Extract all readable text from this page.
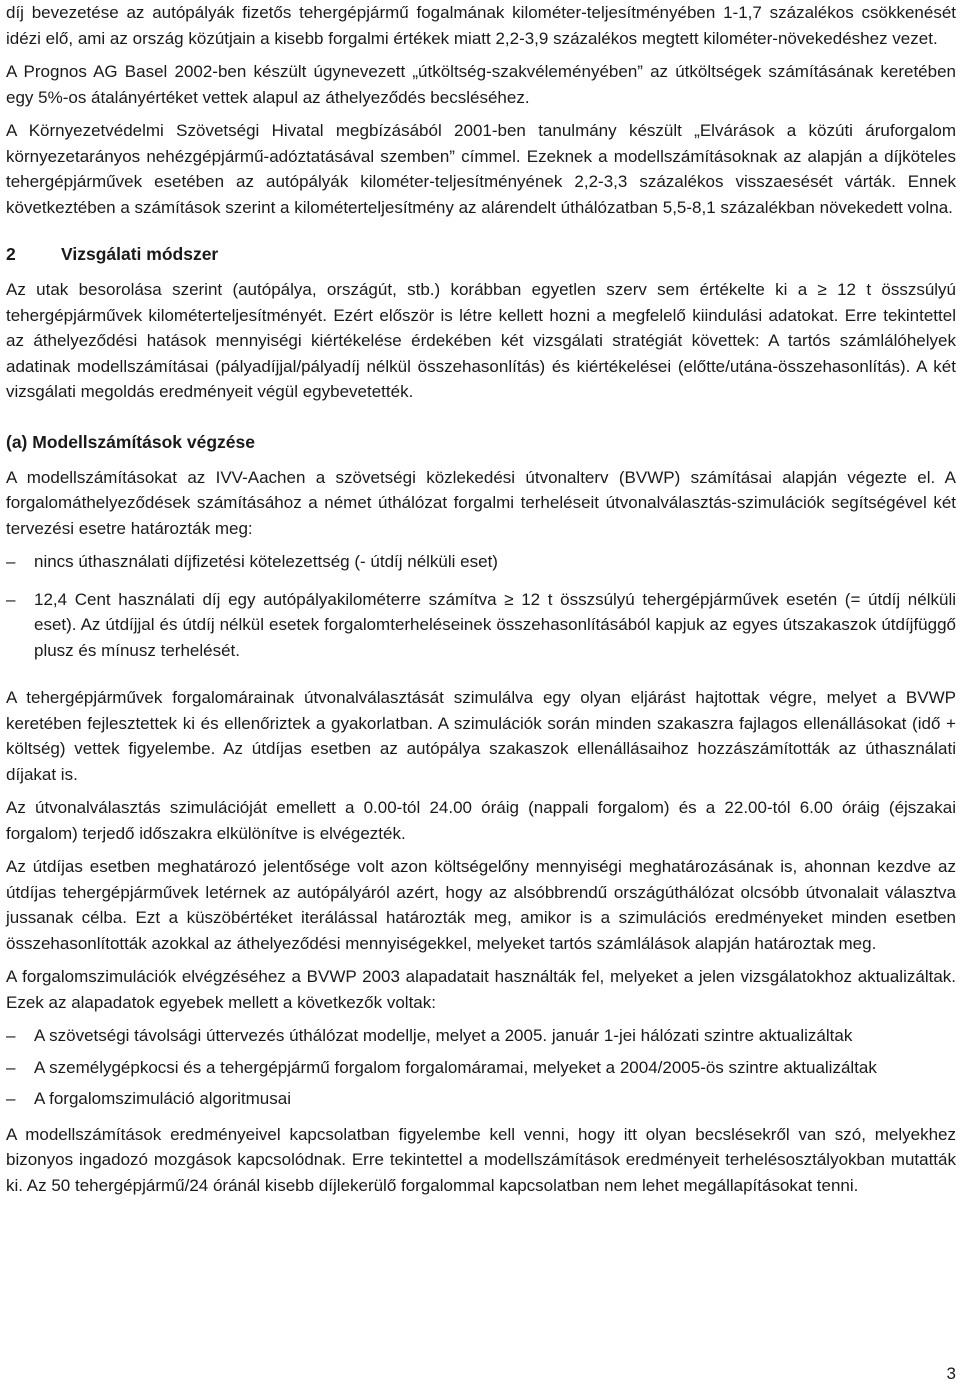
díj bevezetése az autópályák fizetős tehergépjármű fogalmának kilométer-teljesítményében 1-1,7 százalékos csökkenését idézi elő, ami az ország közútjain a kisebb forgalmi értékek miatt 2,2-3,9 százalékos megtett kilométer-növekedéshez vezet.

A Prognos AG Basel 2002-ben készült úgynevezett „útköltség-szakvéleményében” az útköltségek számításának keretében egy 5%-os átalányértéket vettek alapul az áthelyeződés becsléséhez.

A Környezetvédelmi Szövetségi Hivatal megbízásából 2001-ben tanulmány készült „Elvárások a közúti áruforgalom környezetarányos nehézgépjármű-adóztatásával szemben” címmel. Ezeknek a modellszámításoknak az alapján a díjköteles tehergépjárművek esetében az autópályák kilométer-teljesítményének 2,2-3,3 százalékos visszaesését várták. Ennek következtében a számítások szerint a kilométerteljesítmény az alárendelt úthálózatban 5,5-8,1 százalékban növekedett volna.

2	Vizsgálati módszer

Az utak besorolása szerint (autópálya, országút, stb.) korábban egyetlen szerv sem értékelte ki a ≥ 12 t összsúlyú tehergépjárművek kilométerteljesítményét. Ezért először is létre kellett hozni a megfelelő kiindulási adatokat. Erre tekintettel az áthelyeződési hatások mennyiségi kiértékelése érdekében két vizsgálati stratégiát követtek: A tartós számlálóhelyek adatinak modellszámításai (pályadíjjal/pályadíj nélkül összehasonlítás) és kiértékelései (előtte/utána-összehasonlítás). A két vizsgálati megoldás eredményeit végül egybevetették.

(a) Modellszámítások végzése

A modellszámításokat az IVV-Aachen a szövetségi közlekedési útvonalterv (BVWP) számításai alapján végezte el. A forgalomáthelyeződések számításához a német úthálózat forgalmi terheléseit útvonalválasztás-szimulációk segítségével két tervezési esetre határozták meg:

– nincs úthasználati díjfizetési kötelezettség (- útdíj nélküli eset)
– 12,4 Cent használati díj egy autópályakilométerre számítva ≥ 12 t összsúlyú tehergépjárművek esetén (= útdíj nélküli eset). Az útdíjjal és útdíj nélkül esetek forgalomterheléseinek összehasonlításából kapjuk az egyes útszakaszok útdíjfüggő plusz és mínusz terhelését.

A tehergépjárművek forgalomárainak útvonalválasztását szimulálva egy olyan eljárást hajtottak végre, melyet a BVWP keretében fejlesztettek ki és ellenőriztek a gyakorlatban. A szimulációk során minden szakaszra fajlagos ellenállásokat (idő + költség) vettek figyelembe. Az útdíjas esetben az autópálya szakaszok ellenállásaihoz hozzászámították az úthasználati díjakat is.

Az útvonalválasztás szimulációját emellett a 0.00-tól 24.00 óráig (nappali forgalom) és a 22.00-tól 6.00 óráig (éjszakai forgalom) terjedő időszakra elkülönítve is elvégezték.

Az útdíjas esetben meghatározó jelentősége volt azon költségelőny mennyiségi meghatározásának is, ahonnan kezdve az útdíjas tehergépjárművek letérnek az autópályáról azért, hogy az alsóbbrendű országúthálózat olcsóbb útvonalait választva jussanak célba. Ezt a küszöbértéket iterálással határozták meg, amikor is a szimulációs eredményeket minden esetben összehasonlították azokkal az áthelyeződési mennyiségekkel, melyeket tartós számlálások alapján határoztak meg.

A forgalomszimulációk elvégzéséhez a BVWP 2003 alapadatait használták fel, melyeket a jelen vizsgálatokhoz aktualizáltak. Ezek az alapadatok egyebek mellett a következők voltak:

– A szövetségi távolsági úttervezés úthálózat modellje, melyet a 2005. január 1-jei hálózati szintre aktualizáltak
– A személygépkocsi és a tehergépjármű forgalom forgalomáramai, melyeket a 2004/2005-ös szintre aktualizáltak
– A forgalomszimuláció algoritmusai

A modellszámítások eredményeivel kapcsolatban figyelembe kell venni, hogy itt olyan becslésekről van szó, melyekhez bizonyos ingadozó mozgások kapcsolódnak. Erre tekintettel a modellszámítások eredményeit terhelésosztályokban mutatták ki. Az 50 tehergépjármű/24 óránál kisebb díjlekerülő forgalommal kapcsolatban nem lehet megállapításokat tenni.

3
